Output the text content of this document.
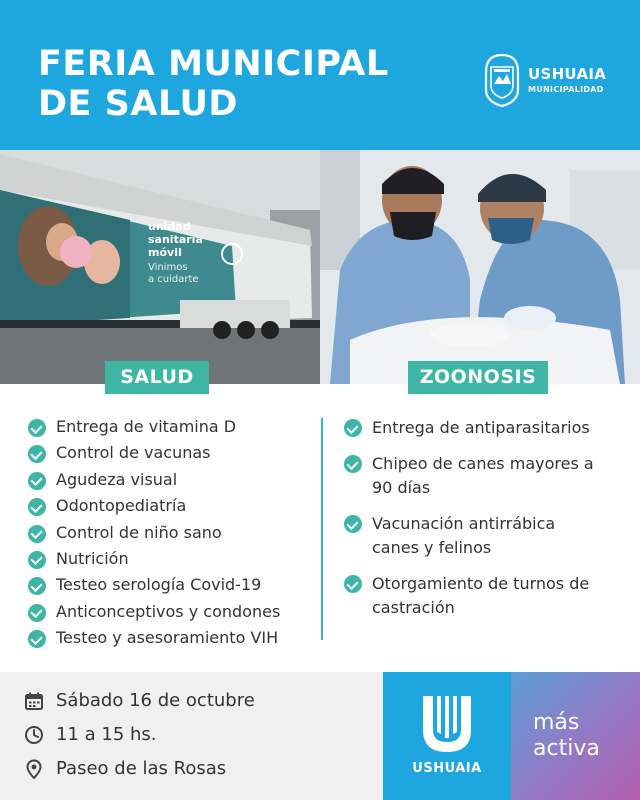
FERIA MUNICIPAL
DE SALUD
USHUAIA
MUNICIPALIDAD
unidad
sanitaria
móvil
Vinimos
a cuidarte
SALUD	ZOONOSIS
Entrega de vitamina D
Control de vacunas
Agudeza visual
Odontopediatría
Control de niño sano
Nutrición
Testeo serología Covid-19
Anticonceptivos y condones
Testeo y asesoramiento VIH
Entrega de antiparasitarios
Chipeo de canes mayores a 90 días
Vacunación antirrábica canes y felinos
Otorgamiento de turnos de castración
Sábado 16 de octubre
11 a 15 hs.
Paseo de las Rosas	USHUAIA
más
activa
